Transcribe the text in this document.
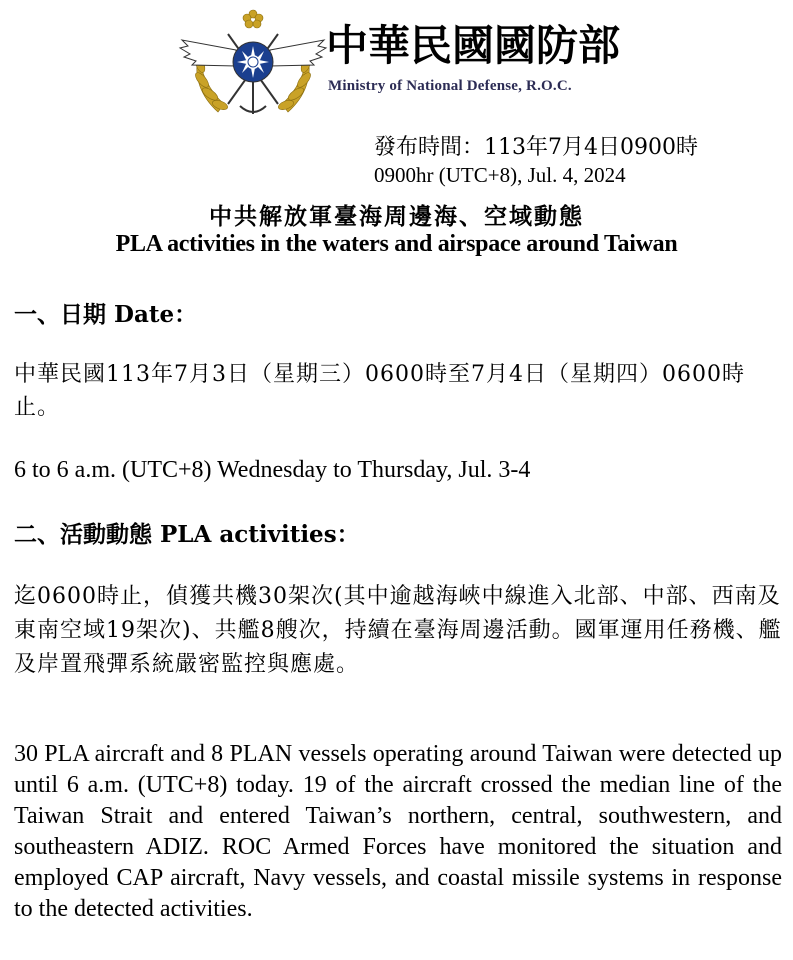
中華民國國防部
Ministry of National Defense, R.O.C.

發布時間：113年7月4日0900時

0900hr (UTC+8), Jul. 4, 2024

中共解放軍臺海周邊海、空域動態
PLA activities in the waters and airspace around Taiwan
一、日期 Date：

中華民國113年7月3日（星期三）0600時至7月4日（星期四）0600時止。

6 to 6 a.m. (UTC+8) Wednesday to Thursday, Jul. 3-4

二、活動動態 PLA activities：

迄0600時止，偵獲共機30架次(其中逾越海峽中線進入北部、中部、西南及東南空域19架次)、共艦8艘次，持續在臺海周邊活動。國軍運用任務機、艦及岸置飛彈系統嚴密監控與應處。

30 PLA aircraft and 8 PLAN vessels operating around Taiwan were detected up until 6 a.m. (UTC+8) today. 19 of the aircraft crossed the median line of the Taiwan Strait and entered Taiwan’s northern, central, southwestern, and southeastern ADIZ. ROC Armed Forces have monitored the situation and employed CAP aircraft, Navy vessels, and coastal missile systems in response to the detected activities.
